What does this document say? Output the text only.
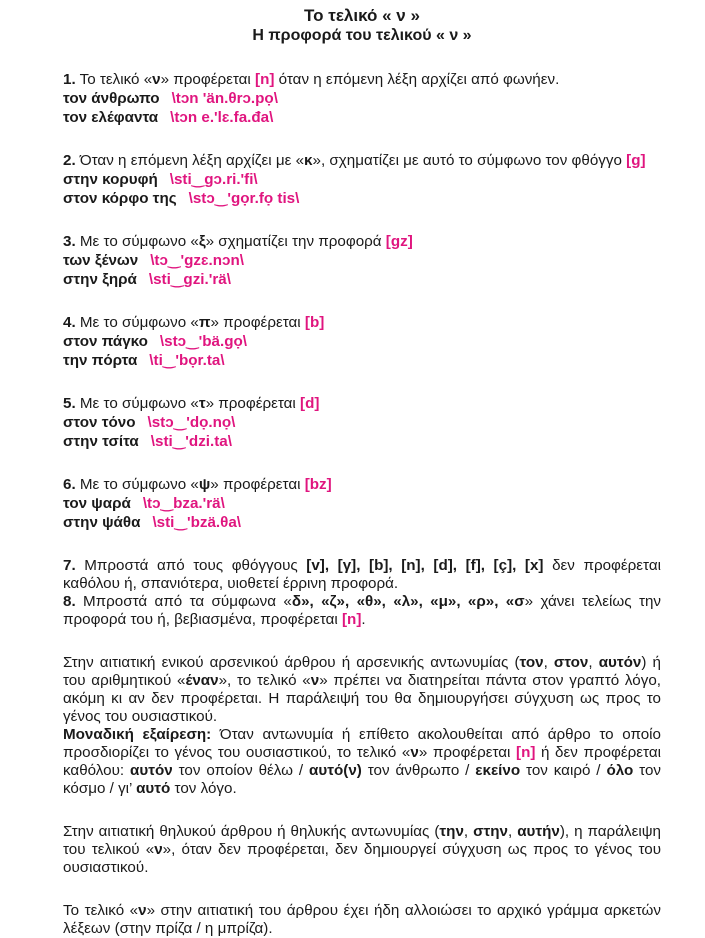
Το τελικό « ν »
Η προφορά του τελικού « ν »
1. Το τελικό «ν» προφέρεται [n] όταν η επόμενη λέξη αρχίζει από φωνήεν.
τον άνθρωπο \tɔn 'än.θrɔ.pọ\
τον ελέφαντα \tɔn e.'lɛ.fa.đa\
2. Όταν η επόμενη λέξη αρχίζει με «κ», σχηματίζει με αυτό το σύμφωνο τον φθόγγο [g]
στην κορυφή \sti‿gɔ.ri.'fi\
στον κόρφο της \stɔ‿'gọr.fọ tis\
3. Με το σύμφωνο «ξ» σχηματίζει την προφορά [gz]
των ξένων \tɔ‿'gzɛ.nɔn\
στην ξηρά \sti‿gzi.'rä\
4. Με το σύμφωνο «π» προφέρεται [b]
στον πάγκο \stɔ‿'bä.gọ\
την πόρτα \ti‿'bọr.ta\
5. Με το σύμφωνο «τ» προφέρεται [d]
στον τόνο \stɔ‿'dọ.nọ\
στην τσίτα \sti‿'dzi.ta\
6. Με το σύμφωνο «ψ» προφέρεται [bz]
τον ψαρά \tɔ‿bza.'rä\
στην ψάθα \sti‿'bzä.θa\
7. Μπροστά από τους φθόγγους [v], [γ], [b], [n], [d], [f], [ç], [x] δεν προφέρεται καθόλου ή, σπανιότερα, υιοθετεί έρρινη προφορά.
8. Μπροστά από τα σύμφωνα «δ», «ζ», «θ», «λ», «μ», «ρ», «σ» χάνει τελείως την προφορά του ή, βεβιασμένα, προφέρεται [n].
Στην αιτιατική ενικού αρσενικού άρθρου ή αρσενικής αντωνυμίας (τον, στον, αυτόν) ή του αριθμητικού «έναν», το τελικό «ν» πρέπει να διατηρείται πάντα στον γραπτό λόγο, ακόμη κι αν δεν προφέρεται. Η παράλειψή του θα δημιουργήσει σύγχυση ως προς το γένος του ουσιαστικού.
Μοναδική εξαίρεση: Όταν αντωνυμία ή επίθετο ακολουθείται από άρθρο το οποίο προσδιορίζει το γένος του ουσιαστικού, το τελικό «ν» προφέρεται [n] ή δεν προφέρεται καθόλου: αυτόν τον οποίον θέλω / αυτό(ν) τον άνθρωπο / εκείνο τον καιρό / όλο τον κόσμο / γι’ αυτό τον λόγο.
Στην αιτιατική θηλυκού άρθρου ή θηλυκής αντωνυμίας (την, στην, αυτήν), η παράλειψη του τελικού «ν», όταν δεν προφέρεται, δεν δημιουργεί σύγχυση ως προς το γένος του ουσιαστικού.
Το τελικό «ν» στην αιτιατική του άρθρου έχει ήδη αλλοιώσει το αρχικό γράμμα αρκετών λέξεων (στην πρίζα / η μπρίζα).
